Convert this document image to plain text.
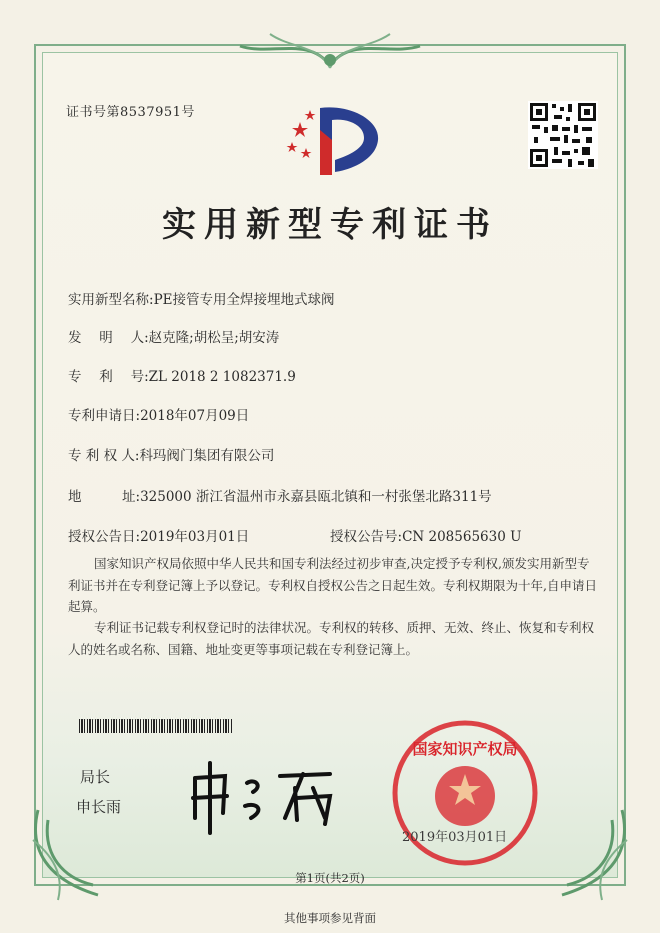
证书号第8537951号
实用新型专利证书
实用新型名称:PE接管专用全焊接埋地式球阀
发　 明　 人:赵克隆;胡松呈;胡安涛
专　 利　 号:ZL 2018 2 1082371.9
专利申请日:2018年07月09日
专 利 权 人:科玛阀门集团有限公司
地　　　址:325000 浙江省温州市永嘉县瓯北镇和一村张堡北路311号
授权公告日:2019年03月01日	授权公告号:CN 208565630 U
国家知识产权局依照中华人民共和国专利法经过初步审查,决定授予专利权,颁发实用新型专利证书并在专利登记簿上予以登记。专利权自授权公告之日起生效。专利权期限为十年,自申请日起算。
专利证书记载专利权登记时的法律状况。专利权的转移、质押、无效、终止、恢复和专利权人的姓名或名称、国籍、地址变更等事项记载在专利登记簿上。
局长
申长雨
国家知识产权局
2019年03月01日
第1页(共2页)
其他事项参见背面
